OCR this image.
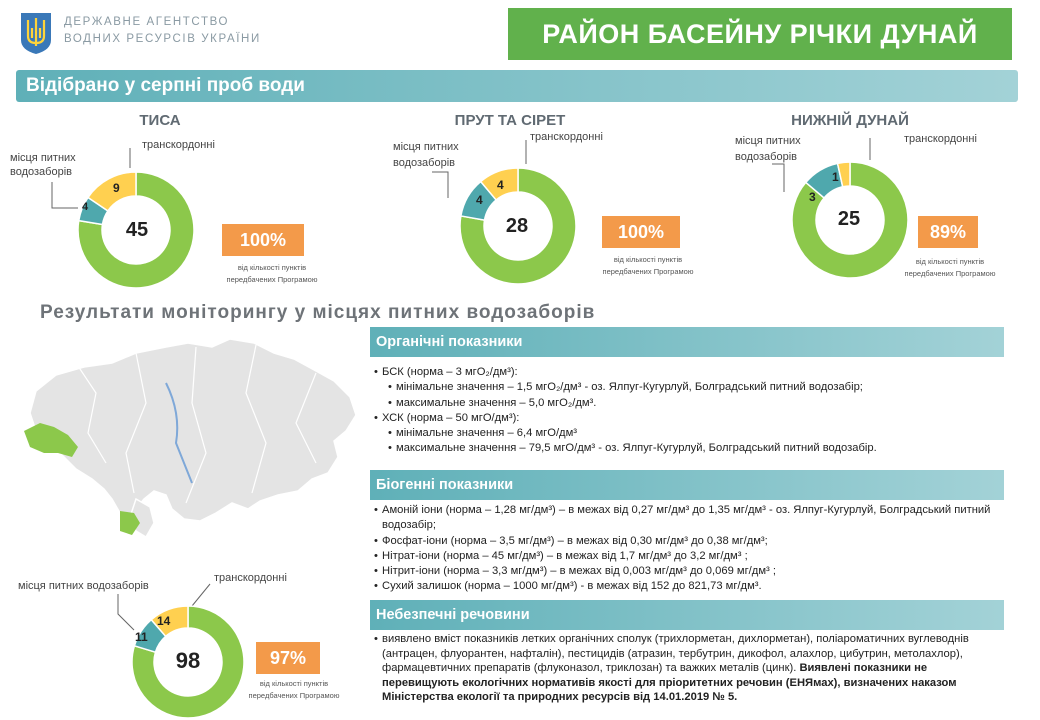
ДЕРЖАВНЕ АГЕНТСТВО
ВОДНИХ РЕСУРСІВ УКРАЇНИ	РАЙОН БАСЕЙНУ РІЧКИ ДУНАЙ
Відібрано у серпні проб води
ТИСА
місця питних
водозаборів
транскордонні
45
4
9
100%
від кількості пунктів
передбачених Програмою
ПРУТ ТА СІРЕТ
місця питних
водозаборів
транскордонні
28
4
4
100%
від кількості пунктів
передбачених Програмою
НИЖНІЙ ДУНАЙ
місця питних
водозаборів
транскордонні
25
3
1
89%
від кількості пунктів
передбачених Програмою
Результати моніторингу у місцях питних водозаборів
місця питних водозаборів
транскордонні
98
11
14
97%
від кількості пунктів
передбачених Програмою
Органічні показники
• БСК (норма – 3 мгО₂/дм³):
• мінімальне значення – 1,5 мгО₂/дм³ - оз. Ялпуг-Кугурлуй, Болградський питний водозабір;
• максимальне значення – 5,0 мгО₂/дм³.
• ХСК (норма – 50 мгО/дм³):
• мінімальне значення – 6,4 мгО/дм³
• максимальне значення – 79,5 мгО/дм³ - оз. Ялпуг-Кугурлуй, Болградський питний водозабір.
Біогенні показники
• Амоній іони (норма – 1,28 мг/дм³) – в межах від 0,27 мг/дм³ до 1,35 мг/дм³ - оз. Ялпуг-Кугурлуй, Болградський питний водозабір;
• Фосфат-іони (норма – 3,5 мг/дм³) – в межах від 0,30 мг/дм³ до 0,38 мг/дм³;
• Нітрат-іони (норма – 45 мг/дм³) – в межах від 1,7 мг/дм³ до 3,2 мг/дм³ ;
• Нітрит-іони (норма – 3,3 мг/дм³) – в межах від 0,003 мг/дм³ до 0,069 мг/дм³ ;
• Сухий залишок (норма – 1000 мг/дм³) - в межах від 152 до 821,73 мг/дм³.
Небезпечні речовини
• виявлено вміст показників летких органічних сполук (трихлорметан, дихлорметан), поліароматичних вуглеводнів (антрацен, флуорантен, нафталін), пестицидів (атразин, тербутрин, дикофол, алахлор, цибутрин, метолахлор), фармацевтичних препаратів (флуконазол, триклозан) та важких металів (цинк). Виявлені показники не перевищують екологічних нормативів якості для пріоритетних речовин (ЕНЯмах), визначених наказом Міністерства екології та природних ресурсів від 14.01.2019 № 5.
